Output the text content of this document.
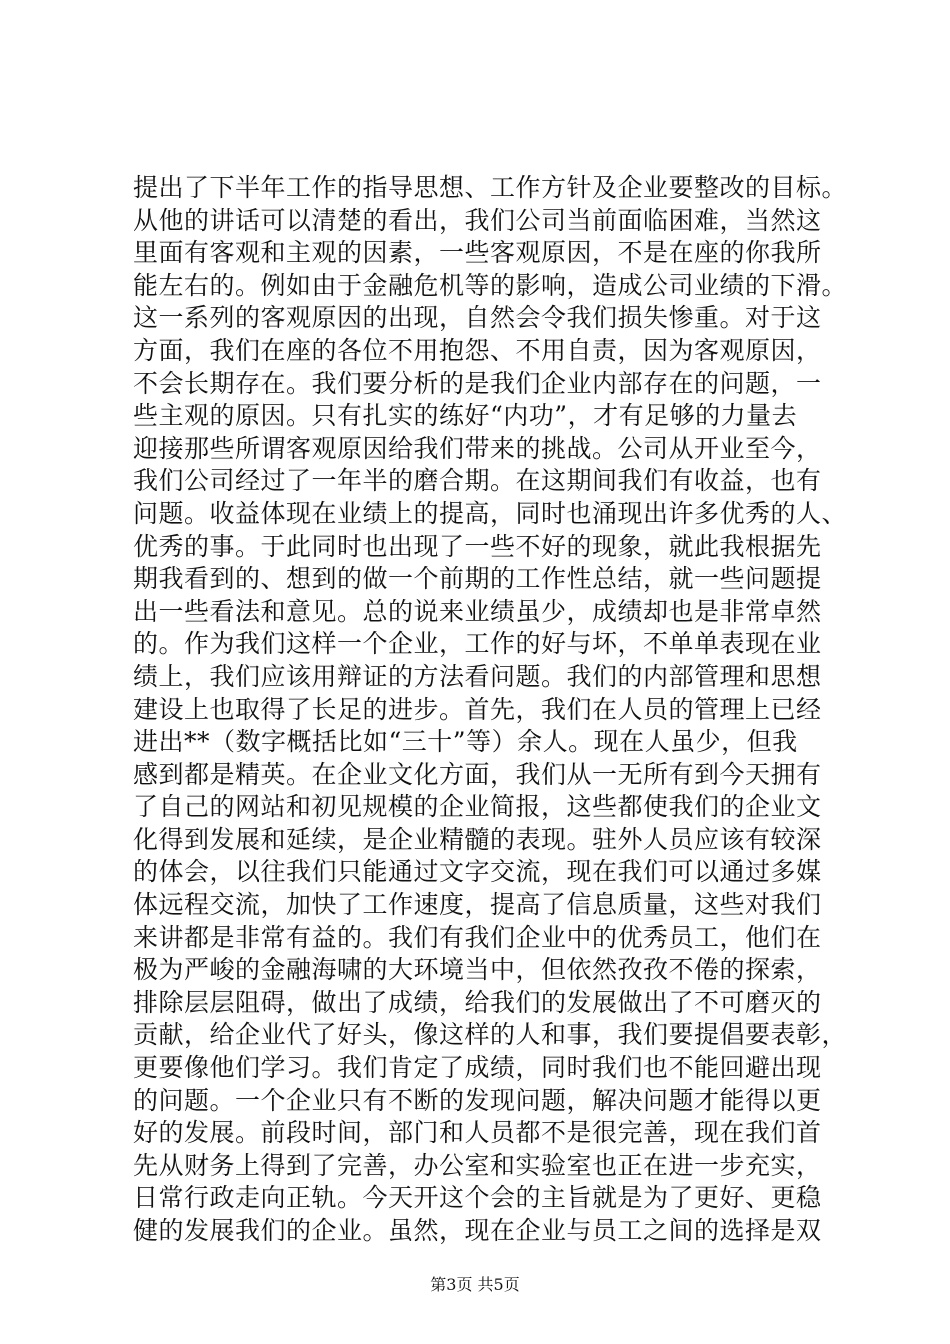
提出了下半年工作的指导思想、工作方针及企业要整改的目标。
从他的讲话可以清楚的看出，我们公司当前面临困难，当然这
里面有客观和主观的因素，一些客观原因，不是在座的你我所
能左右的。例如由于金融危机等的影响，造成公司业绩的下滑。
这一系列的客观原因的出现，自然会令我们损失惨重。对于这
方面，我们在座的各位不用抱怨、不用自责，因为客观原因，
不会长期存在。我们要分析的是我们企业内部存在的问题，一
些主观的原因。只有扎实的练好“内功”，才有足够的力量去
迎接那些所谓客观原因给我们带来的挑战。公司从开业至今，
我们公司经过了一年半的磨合期。在这期间我们有收益，也有
问题。收益体现在业绩上的提高，同时也涌现出许多优秀的人、
优秀的事。于此同时也出现了一些不好的现象，就此我根据先
期我看到的、想到的做一个前期的工作性总结，就一些问题提
出一些看法和意见。总的说来业绩虽少，成绩却也是非常卓然
的。作为我们这样一个企业，工作的好与坏，不单单表现在业
绩上，我们应该用辩证的方法看问题。我们的内部管理和思想
建设上也取得了长足的进步。首先，我们在人员的管理上已经
进出**（数字概括比如“三十”等）余人。现在人虽少，但我
感到都是精英。在企业文化方面，我们从一无所有到今天拥有
了自己的网站和初见规模的企业简报，这些都使我们的企业文
化得到发展和延续，是企业精髓的表现。驻外人员应该有较深
的体会，以往我们只能通过文字交流，现在我们可以通过多媒
体远程交流，加快了工作速度，提高了信息质量，这些对我们
来讲都是非常有益的。我们有我们企业中的优秀员工，他们在
极为严峻的金融海啸的大环境当中，但依然孜孜不倦的探索，
排除层层阻碍，做出了成绩，给我们的发展做出了不可磨灭的
贡献，给企业代了好头，像这样的人和事，我们要提倡要表彰，
更要像他们学习。我们肯定了成绩，同时我们也不能回避出现
的问题。一个企业只有不断的发现问题，解决问题才能得以更
好的发展。前段时间，部门和人员都不是很完善，现在我们首
先从财务上得到了完善，办公室和实验室也正在进一步充实，
日常行政走向正轨。今天开这个会的主旨就是为了更好、更稳
健的发展我们的企业。虽然，现在企业与员工之间的选择是双
第3页 共5页
